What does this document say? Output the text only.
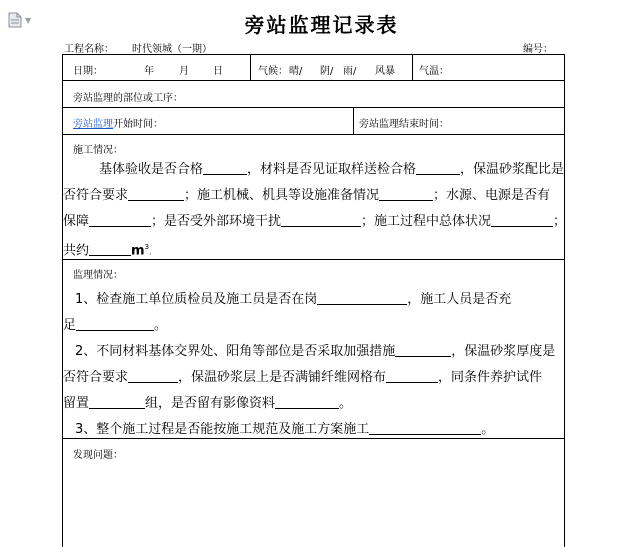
▼	旁站监理记录表
工程名称： 时代领城（一期）	编号：
日期：	年	月 日	气候： 晴/ 阴/ 雨/ 风暴 气温：
旁站监理的部位或工序：
旁站监理开始时间：	旁站监理结束时间：
施工情况：
基体验收是否合格	，材料是否见证取样送检合格	，保温砂浆配比是
否符合要求	；施工机械、机具等设施准备情况	；水源、电源是否有
保障	；是否受外部环境干扰	；施工过程中总体状况	；
共约	$m^3$.
监理情况：
1、检查施工单位质检员及施工员是否在岗	，施工人员是否充
足	。
2、不同材料基体交界处、阳角等部位是否采取加强措施	，保温砂浆厚度是
否符合要求	，保温砂浆层上是否满铺纤维网格布	，同条件养护试件
留置	组，是否留有影像资料	。
3、整个施工过程是否能按施工规范及施工方案施工	。
发现问题：
